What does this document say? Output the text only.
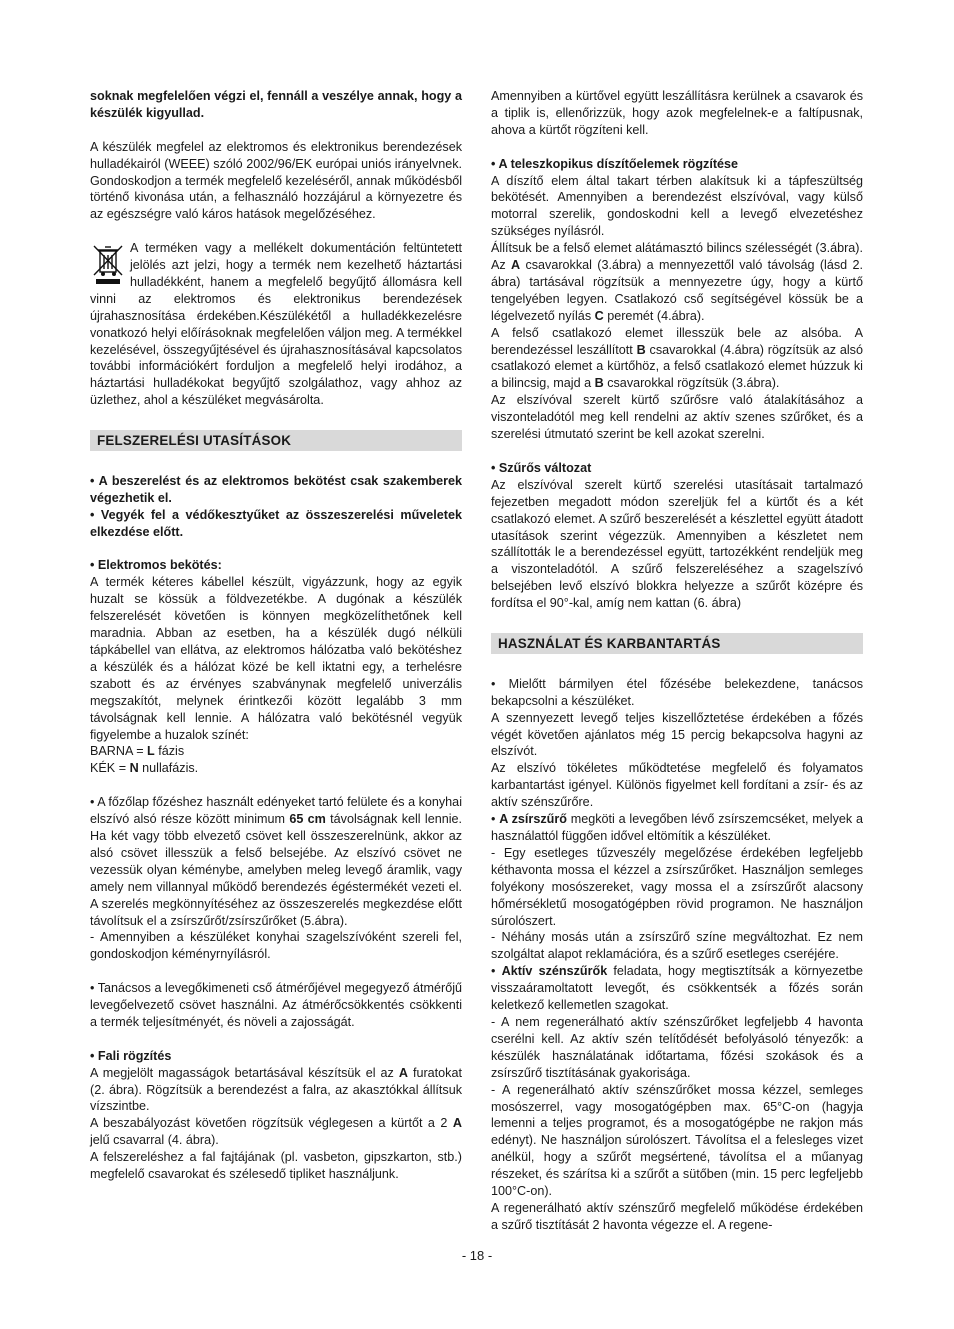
soknak megfelelően végzi el, fennáll a veszélye annak, hogy a készülék kigyullad.

A készülék megfelel az elektromos és elektronikus berendezések hulladékairól (WEEE) szóló 2002/96/EK európai uniós irányelvnek. Gondoskodjon a termék megfelelő kezeléséről, annak működésből történő kivonása után, a felhasználó hozzájárul a környezetre és az egészségre való káros hatások megelőzéséhez.

A terméken vagy a mellékelt dokumentáción feltüntetett jelölés azt jelzi, hogy a termék nem kezelhető háztartási hulladékként, hanem a megfelelő begyűjtő állomásra kell vinni az elektromos és elektronikus berendezések újrahasznosítása érdekében.Készülékétől a hulladékkezelésre vonatkozó helyi előírásoknak megfelelően váljon meg. A termékkel kezelésével, összegyűjtésével és újrahasznosításával kapcsolatos további információkért forduljon a megfelelő helyi irodához, a háztartási hulladékokat begyűjtő szolgálathoz, vagy ahhoz az üzlethez, ahol a készüléket megvásárolta.

FELSZERELÉSI UTASÍTÁSOK

• A beszerelést és az elektromos bekötést csak szakemberek végezhetik el.

• Vegyék fel a védőkesztyűket az összeszerelési műveletek elkezdése előtt.

• Elektromos bekötés:

A termék kéteres kábellel készült, vigyázzunk, hogy az egyik huzalt se kössük a földvezetékbe. A dugónak a készülék felszerelését követően is könnyen megközelíthetőnek kell maradnia. Abban az esetben, ha a készülék dugó nélküli tápkábellel van ellátva, az elektromos hálózatba való bekötéshez a készülék és a hálózat közé be kell iktatni egy, a terhelésre szabott és az érvényes szabványnak megfelelő univerzális megszakítót, melynek érintkezői között legalább 3 mm távolságnak kell lennie. A hálózatra való bekötésnél vegyük figyelembe a huzalok színét:

BARNA = L fázis

KÉK = N nullafázis.

• A főzőlap főzéshez használt edényeket tartó felülete és a konyhai elszívó alsó része között minimum 65 cm távolságnak kell lennie. Ha két vagy több elvezető csövet kell összeszerelnünk, akkor az alsó csövet illesszük a felső belsejébe. Az elszívó csövet ne vezessük olyan kéménybe, amelyben meleg levegő áramlik, vagy amely nem villannyal működő berendezés égéstermékét vezeti el. A szerelés megkönnyítéséhez az összeszerelés megkezdése előtt távolítsuk el a zsírszűrőt/zsírszűrőket (5.ábra).

- Amennyiben a készüléket konyhai szagelszívóként szereli fel, gondoskodjon kéményrnyílásról.

• Tanácsos a levegőkimeneti cső átmérőjével megegyező átmérőjű levegőelvezető csövet használni. Az átmérőcsökkentés csökkenti a termék teljesítményét, és növeli a zajosságát.

• Fali rögzítés

A megjelölt magasságok betartásával készítsük el az A furatokat (2. ábra). Rögzítsük a berendezést a falra, az akasztókkal állítsuk vízszintbe.

A beszabályozást követően rögzítsük véglegesen a kürtőt a 2 A jelű csavarral (4. ábra).

A felszereléshez a fal fajtájának (pl. vasbeton, gipszkarton, stb.) megfelelő csavarokat és szélesedő tipliket használjunk.

Amennyiben a kürtővel együtt leszállításra kerülnek a csavarok és a tiplik is, ellenőrizzük, hogy azok megfelelnek-e a faltípusnak, ahova a kürtőt rögzíteni kell.

• A teleszkopikus díszítőelemek rögzítése

A díszítő elem által takart térben alakítsuk ki a tápfeszültség bekötését. Amennyiben a berendezést elszívóval, vagy külső motorral szerelik, gondoskodni kell a levegő elvezetéshez szükséges nyílásról.

Állítsuk be a felső elemet alátámasztó bilincs szélességét (3.ábra). Az A csavarokkal (3.ábra) a mennyezettől való távolság (lásd 2. ábra) tartásával rögzítsük a mennyezetre úgy, hogy a kürtő tengelyében legyen. Csatlakozó cső segítségével kössük be a légelvezető nyílás C peremét (4.ábra).

A felső csatlakozó elemet illesszük bele az alsóba. A berendezéssel leszállított B csavarokkal (4.ábra) rögzítsük az alsó csatlakozó elemet a kürtőhöz, a felső csatlakozó elemet húzzuk ki a bilincsig, majd a B csavarokkal rögzítsük (3.ábra).

Az elszívóval szerelt kürtő szűrősre való átalakításához a viszonteladótól meg kell rendelni az aktív szenes szűrőket, és a szerelési útmutató szerint be kell azokat szerelni.

• Szűrős változat

Az elszívóval szerelt kürtő szerelési utasításait tartalmazó fejezetben megadott módon szereljük fel a kürtőt és a két csatlakozó elemet. A szűrő beszerelését a készlettel együtt átadott utasítások szerint végezzük. Amennyiben a készletet nem szállították le a berendezéssel együtt, tartozékként rendeljük meg a viszonteladótól. A szűrő felszereléséhez a szagelszívó belsejében levő elszívó blokkra helyezze a szűrőt középre és fordítsa el 90°-kal, amíg nem kattan (6. ábra)

HASZNÁLAT ÉS KARBANTARTÁS

• Mielőtt bármilyen étel főzésébe belekezdene, tanácsos bekapcsolni a készüléket.

A szennyezett levegő teljes kiszellőztetése érdekében a főzés végét követően ajánlatos még 15 percig bekapcsolva hagyni az elszívót.

Az elszívó tökéletes működtetése megfelelő és folyamatos karbantartást igényel. Különös figyelmet kell fordítani a zsír- és az aktív szénszűrőre.

• A zsírszűrő megköti a levegőben lévő zsírszemcséket, melyek a használattól függően idővel eltömítik a készüléket.

- Egy esetleges tűzveszély megelőzése érdekében legfeljebb kéthavonta mossa el kézzel a zsírszűrőket. Használjon semleges folyékony mosószereket, vagy mossa el a zsírszűrőt alacsony hőmérsékletű mosogatógépben rövid programon. Ne használjon súrolószert.

- Néhány mosás után a zsírszűrő színe megváltozhat. Ez nem szolgáltat alapot reklamációra, és a szűrő esetleges cseréjére.

• Aktív szénszűrők feladata, hogy megtisztítsák a környezetbe visszaáramoltatott levegőt, és csökkentsék a főzés során keletkező kellemetlen szagokat.

- A nem regenerálható aktív szénszűrőket legfeljebb 4 havonta cserélni kell. Az aktív szén telítődését befolyásoló tényezők: a készülék használatának időtartama, főzési szokások és a zsírszűrő tisztításának gyakorisága.

- A regenerálható aktív szénszűrőket mossa kézzel, semleges mosószerrel, vagy mosogatógépben max. 65°C-on (hagyja lemenni a teljes programot, és a mosogatógépbe ne rakjon más edényt). Ne használjon súrolószert. Távolítsa el a felesleges vizet anélkül, hogy a szűrőt megsértené, távolítsa el a műanyag részeket, és szárítsa ki a szűrőt a sütőben (min. 15 perc legfeljebb 100°C-on).

A regenerálható aktív szénszűrő megfelelő működése érdekében a szűrő tisztítását 2 havonta végezze el. A regene-

- 18 -
